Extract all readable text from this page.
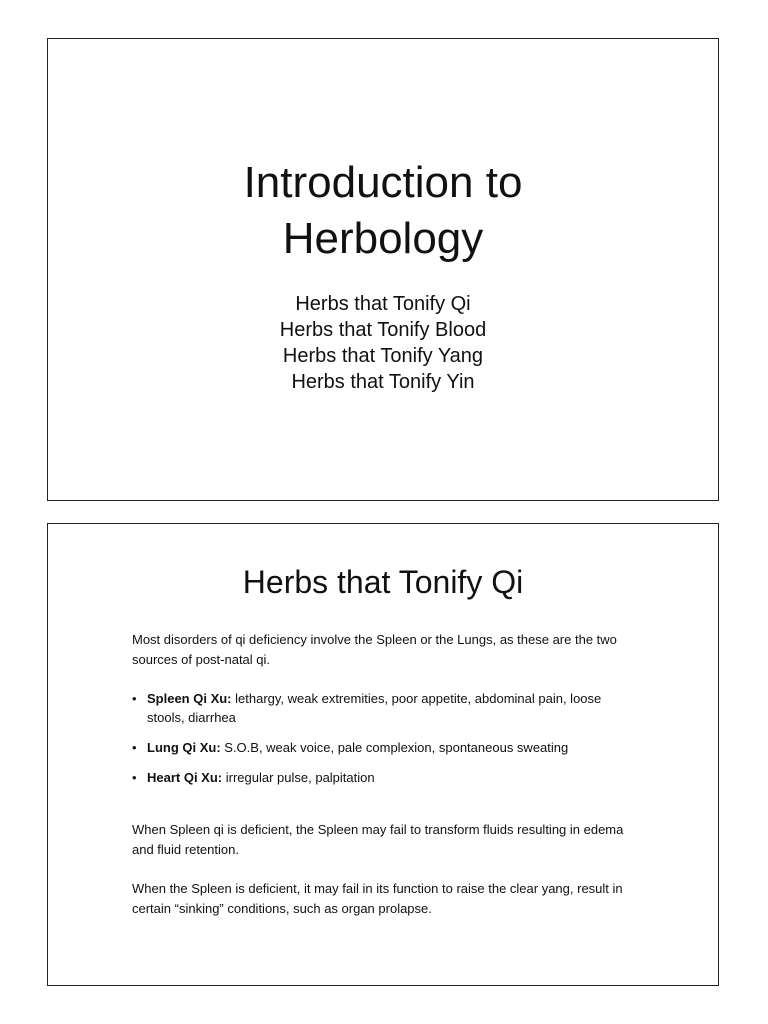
Introduction to
Herbology
Herbs that Tonify Qi
Herbs that Tonify Blood
Herbs that Tonify Yang
Herbs that Tonify Yin
Herbs that Tonify Qi

Most disorders of qi deficiency involve the Spleen or the Lungs, as these are the two sources of post-natal qi.

• Spleen Qi Xu: lethargy, weak extremities, poor appetite, abdominal pain, loose stools, diarrhea
• Lung Qi Xu: S.O.B, weak voice, pale complexion, spontaneous sweating
• Heart Qi Xu: irregular pulse, palpitation

When Spleen qi is deficient, the Spleen may fail to transform fluids resulting in edema and fluid retention.

When the Spleen is deficient, it may fail in its function to raise the clear yang, result in certain “sinking” conditions, such as organ prolapse.
